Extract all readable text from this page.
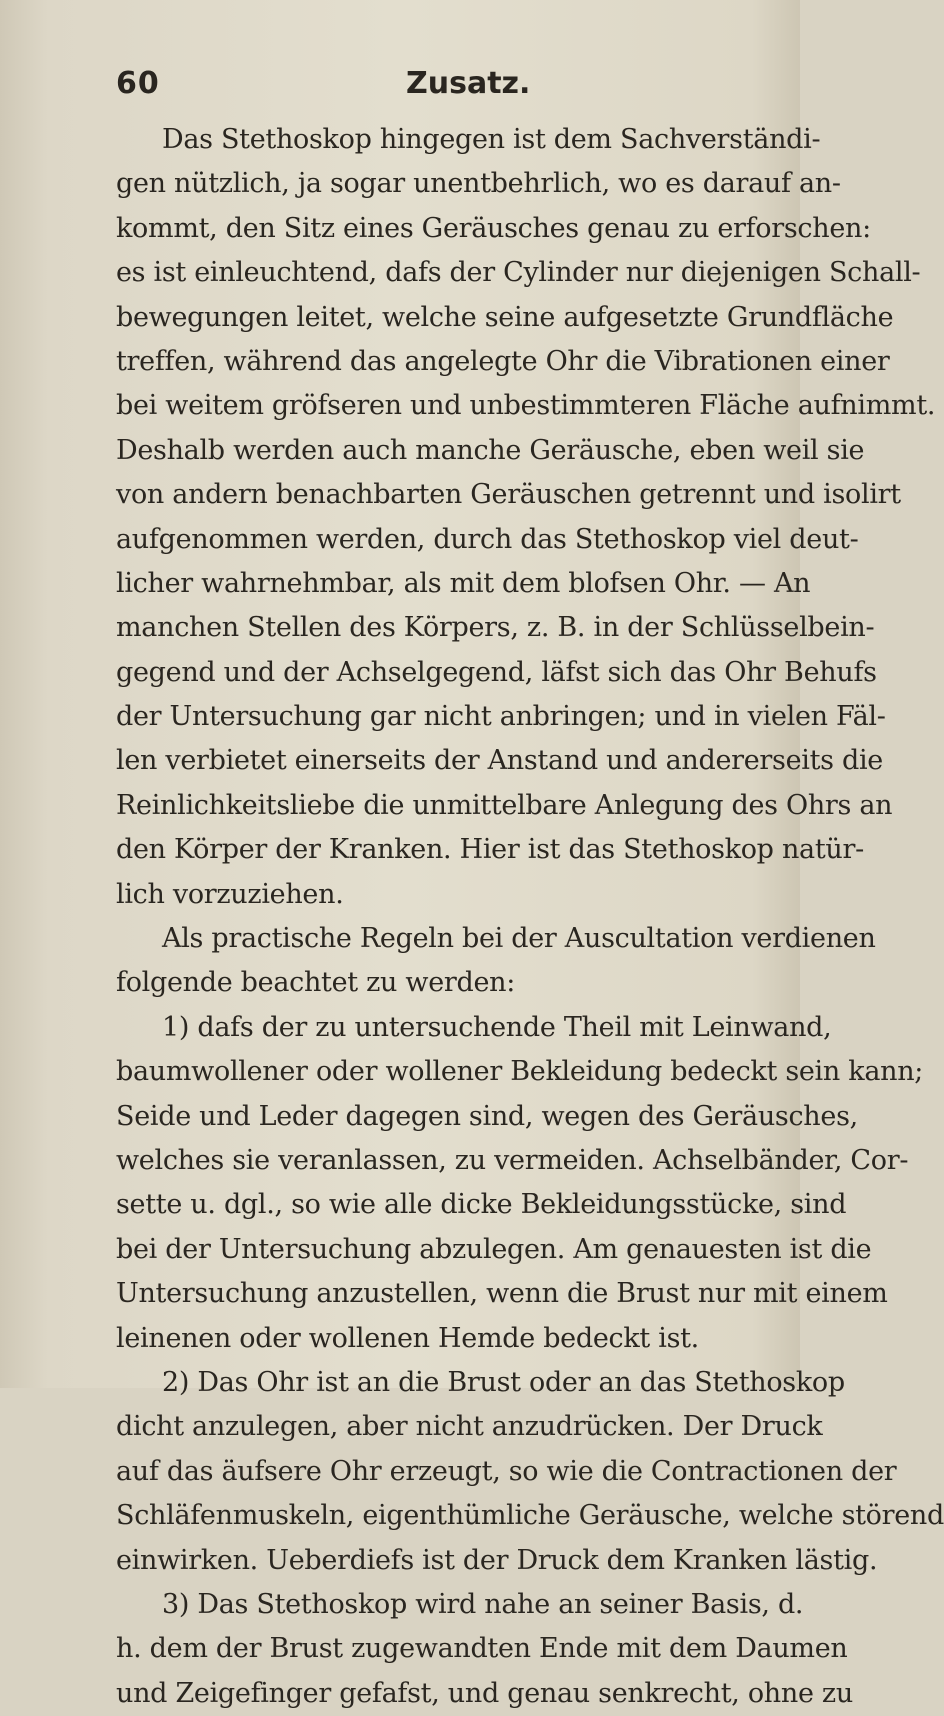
60	Zusatz.
Das Stethoskop hingegen ist dem Sachverständi-
gen nützlich, ja sogar unentbehrlich, wo es darauf an-
kommt, den Sitz eines Geräusches genau zu erforschen:
es ist einleuchtend, dafs der Cylinder nur diejenigen Schall-
bewegungen leitet, welche seine aufgesetzte Grundfläche
treffen, während das angelegte Ohr die Vibrationen einer
bei weitem gröfseren und unbestimmteren Fläche aufnimmt.
Deshalb werden auch manche Geräusche, eben weil sie
von andern benachbarten Geräuschen getrennt und isolirt
aufgenommen werden, durch das Stethoskop viel deut-
licher wahrnehmbar, als mit dem blofsen Ohr. — An
manchen Stellen des Körpers, z. B. in der Schlüsselbein-
gegend und der Achselgegend, läfst sich das Ohr Behufs
der Untersuchung gar nicht anbringen; und in vielen Fäl-
len verbietet einerseits der Anstand und andererseits die
Reinlichkeitsliebe die unmittelbare Anlegung des Ohrs an
den Körper der Kranken. Hier ist das Stethoskop natür-
lich vorzuziehen.
Als practische Regeln bei der Auscultation verdienen
folgende beachtet zu werden:
1) dafs der zu untersuchende Theil mit Leinwand,
baumwollener oder wollener Bekleidung bedeckt sein kann;
Seide und Leder dagegen sind, wegen des Geräusches,
welches sie veranlassen, zu vermeiden. Achselbänder, Cor-
sette u. dgl., so wie alle dicke Bekleidungsstücke, sind
bei der Untersuchung abzulegen. Am genauesten ist die
Untersuchung anzustellen, wenn die Brust nur mit einem
leinenen oder wollenen Hemde bedeckt ist.
2) Das Ohr ist an die Brust oder an das Stethoskop
dicht anzulegen, aber nicht anzudrücken. Der Druck
auf das äufsere Ohr erzeugt, so wie die Contractionen der
Schläfenmuskeln, eigenthümliche Geräusche, welche störend
einwirken. Ueberdiefs ist der Druck dem Kranken lästig.
3) Das Stethoskop wird nahe an seiner Basis, d.
h. dem der Brust zugewandten Ende mit dem Daumen
und Zeigefinger gefafst, und genau senkrecht, ohne zu
